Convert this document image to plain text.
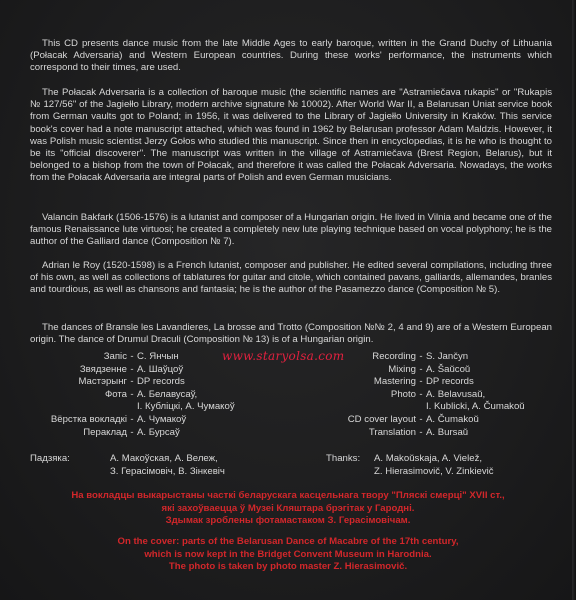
This CD presents dance music from the late Middle Ages to early baroque, written in the Grand Duchy of Lithuania (Połacak Adversaria) and Western European countries. During these works' performance, the instruments which correspond to their times, are used.

The Połacak Adversaria is a collection of baroque music (the scientific names are "Astramiečava rukapis" or "Rukapis № 127/56" of the Jagiełło Library, modern archive signature № 10002). After World War II, a Belarusan Uniat service book from German vaults got to Poland; in 1956, it was delivered to the Library of Jagiełło University in Kraków. This service book's cover had a note manuscript attached, which was found in 1962 by Belarusan professor Adam Maldzis. However, it was Polish music scientist Jerzy Gołos who studied this manuscript. Since then in encyclopedias, it is he who is thought to be its "official discoverer". The manuscript was written in the village of Astramiečava (Brest Region, Belarus), but it belonged to a bishop from the town of Połacak, and therefore it was called the Połacak Adversaria. Nowadays, the works from the Połacak Adversaria are integral parts of Polish and even German musicians.

Valancin Bakfark (1506-1576) is a lutanist and composer of a Hungarian origin. He lived in Vilnia and became one of the famous Renaissance lute virtuosi; he created a completely new lute playing technique based on vocal polyphony; he is the author of the Galliard dance (Composition № 7).

Adrian le Roy (1520-1598) is a French lutanist, composer and publisher. He edited several compilations, including three of his own, as well as collections of tablatures for guitar and citole, which contained pavans, galliards, allemandes, branles and tourdious, as well as chansons and fantasia; he is the author of the Pasamezzo dance (Composition № 5).

The dances of Bransle les Lavandieres, La brosse and Trotto (Composition №№ 2, 4 and 9) are of a Western European origin. The dance of Drumul Draculi (Composition № 13) is of a Hungarian origin.

www.staryolsa.com
Запіс - С. Янчын
Звядзенне - А. Шаўцоў
Мастэрынг - DP records
Фота - А. Белавусаў,
І. Кубліцкі, А. Чумакоў
Вёрстка вокладкі - А. Чумакоў
Пераклад - А. Бурсаў
Recording - S. Jančyn
Mixing - A. Šaŭcoŭ
Mastering - DP records
Photo - A. Belavusaŭ,
I. Kublicki, A. Čumakoŭ
CD cover layout - A. Čumakoŭ
Translation - A. Bursaŭ
Падзяка:	А. Макоўская, А. Вележ,
З. Герасімовіч, В. Зінкевіч
Thanks:	A. Makoŭskaja, A. Vielež,
Z. Hierasimovič, V. Zinkievič
На вокладцы выкарыстаны часткі беларускага касцельнага твору "Пляскі смерці" XVII ст.,
які захоўваецца ў Музеі Кляштара брэгітак у Гародні.
Здымак зроблены фотамастаком З. Герасімовічам.
On the cover: parts of the Belarusan Dance of Macabre of the 17th century,
which is now kept in the Bridget Convent Museum in Harodnia.
The photo is taken by photo master Z. Hierasimovič.
